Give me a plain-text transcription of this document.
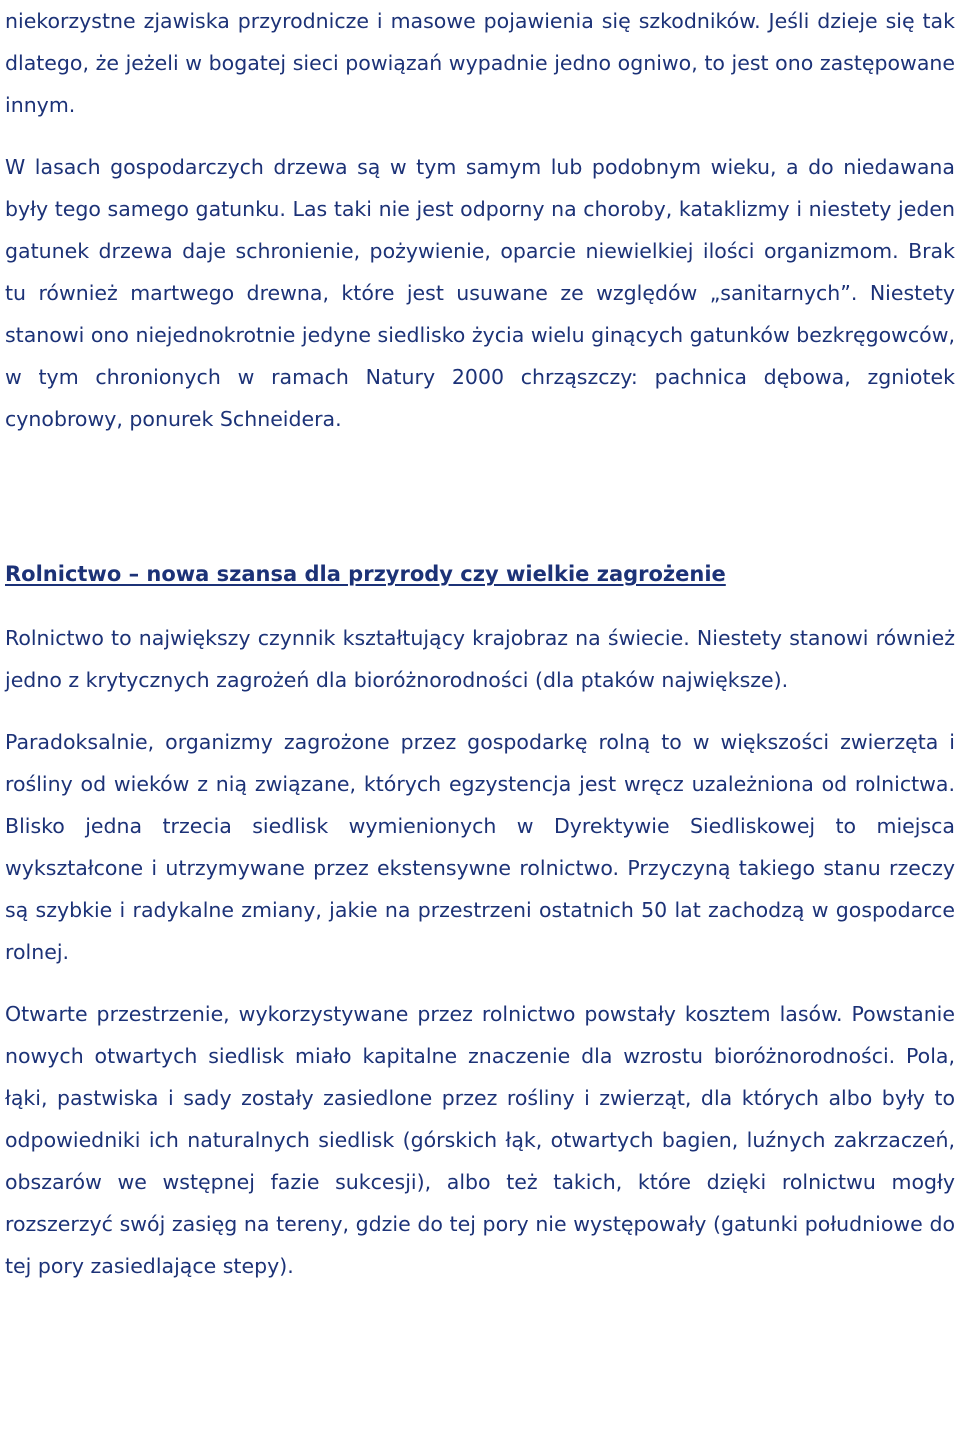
niekorzystne zjawiska przyrodnicze i masowe pojawienia się szkodników. Jeśli dzieje się tak dlatego, że jeżeli w bogatej sieci powiązań wypadnie jedno ogniwo, to jest ono zastępowane innym.

W lasach gospodarczych drzewa są w tym samym lub podobnym wieku, a do niedawana były tego samego gatunku. Las taki nie jest odporny na choroby, kataklizmy i niestety jeden gatunek drzewa daje schronienie, pożywienie, oparcie niewielkiej ilości organizmom. Brak tu również martwego drewna, które jest usuwane ze względów „sanitarnych”. Niestety stanowi ono niejednokrotnie jedyne siedlisko życia wielu ginących gatunków bezkręgowców, w tym chronionych w ramach Natury 2000 chrząszczy: pachnica dębowa, zgniotek cynobrowy, ponurek Schneidera.

Rolnictwo – nowa szansa dla przyrody czy wielkie zagrożenie

Rolnictwo to największy czynnik kształtujący krajobraz na świecie. Niestety stanowi również jedno z krytycznych zagrożeń dla bioróżnorodności (dla ptaków największe).

Paradoksalnie, organizmy zagrożone przez gospodarkę rolną to w większości zwierzęta i rośliny od wieków z nią związane, których egzystencja jest wręcz uzależniona od rolnictwa. Blisko jedna trzecia siedlisk wymienionych w Dyrektywie Siedliskowej to miejsca wykształcone i utrzymywane przez ekstensywne rolnictwo. Przyczyną takiego stanu rzeczy są szybkie i radykalne zmiany, jakie na przestrzeni ostatnich 50 lat zachodzą w gospodarce rolnej.

Otwarte przestrzenie, wykorzystywane przez rolnictwo powstały kosztem lasów. Powstanie nowych otwartych siedlisk miało kapitalne znaczenie dla wzrostu bioróżnorodności. Pola, łąki, pastwiska i sady zostały zasiedlone przez rośliny i zwierząt, dla których albo były to odpowiedniki ich naturalnych siedlisk (górskich łąk, otwartych bagien, luźnych zakrzaczeń, obszarów we wstępnej fazie sukcesji), albo też takich, które dzięki rolnictwu mogły rozszerzyć swój zasięg na tereny, gdzie do tej pory nie występowały (gatunki południowe do tej pory zasiedlające stepy).
